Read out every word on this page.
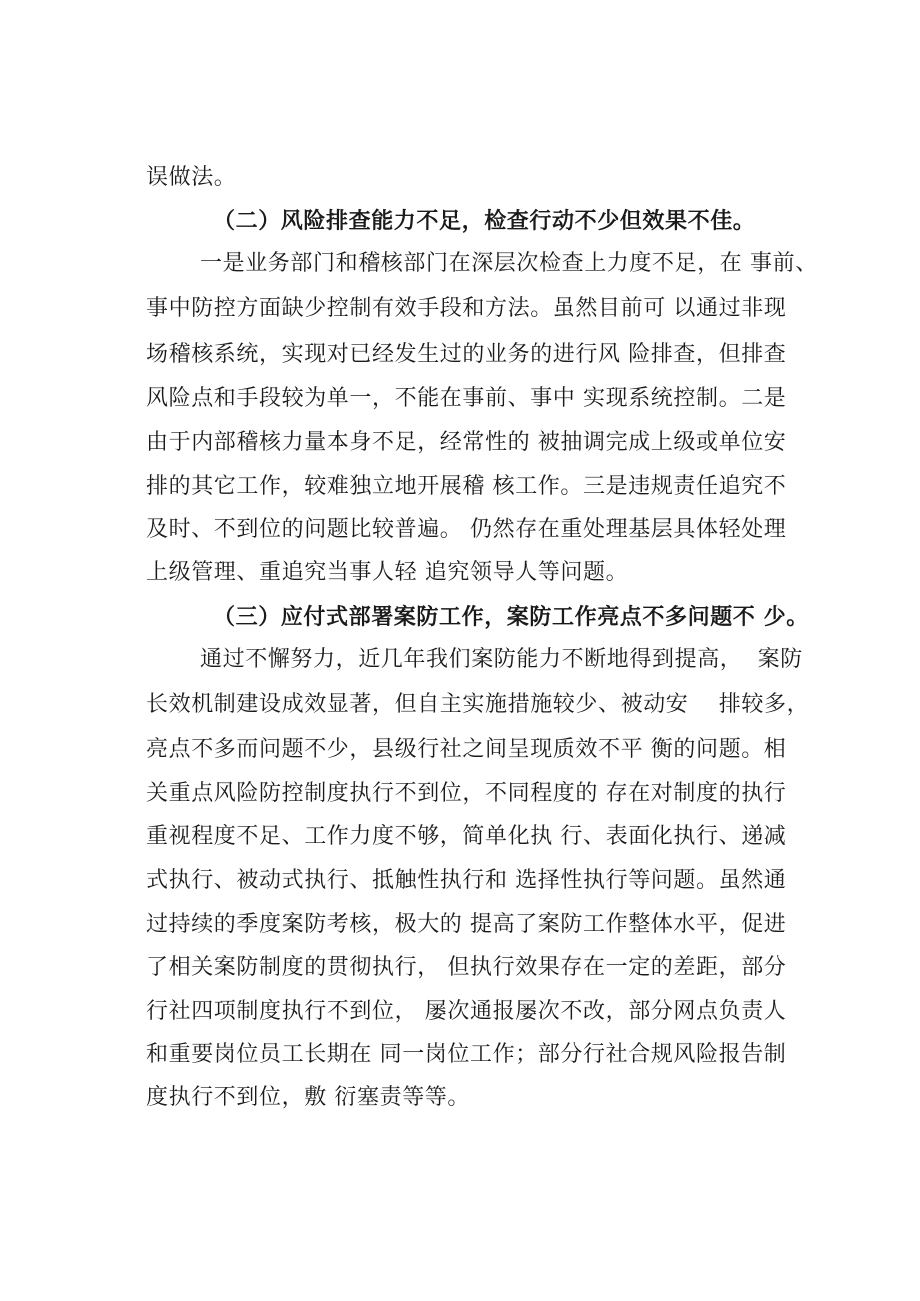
误做法。
（二）风险排查能力不足，检查行动不少但效果不佳。
一是业务部门和稽核部门在深层次检查上力度不足，在 事前、
事中防控方面缺少控制有效手段和方法。虽然目前可 以通过非现
场稽核系统，实现对已经发生过的业务的进行风 险排查，但排查
风险点和手段较为单一，不能在事前、事中 实现系统控制。二是
由于内部稽核力量本身不足，经常性的 被抽调完成上级或单位安
排的其它工作，较难独立地开展稽 核工作。三是违规责任追究不
及时、不到位的问题比较普遍。 仍然存在重处理基层具体轻处理
上级管理、重追究当事人轻 追究领导人等问题。
（三）应付式部署案防工作，案防工作亮点不多问题不 少。
通过不懈努力，近几年我们案防能力不断地得到提高，  案防
长效机制建设成效显著，但自主实施措施较少、被动安    排较多，
亮点不多而问题不少，县级行社之间呈现质效不平 衡的问题。相
关重点风险防控制度执行不到位，不同程度的 存在对制度的执行
重视程度不足、工作力度不够，简单化执 行、表面化执行、递减
式执行、被动式执行、抵触性执行和 选择性执行等问题。虽然通
过持续的季度案防考核，极大的 提高了案防工作整体水平，促进
了相关案防制度的贯彻执行， 但执行效果存在一定的差距，部分
行社四项制度执行不到位， 屡次通报屡次不改，部分网点负责人
和重要岗位员工长期在 同一岗位工作；部分行社合规风险报告制
度执行不到位，敷 衍塞责等等。
